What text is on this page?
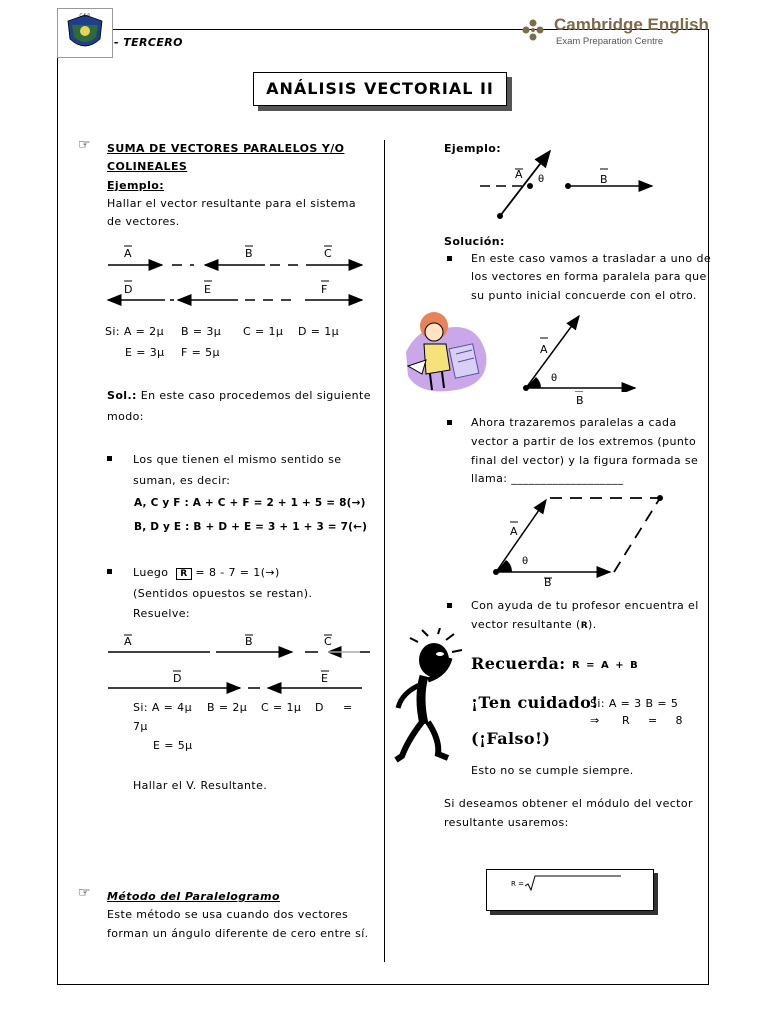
C.E.P.
- TERCERO
Cambridge English
Exam Preparation Centre
ANÁLISIS VECTORIAL II
☞ SUMA DE VECTORES PARALELOS Y/O
COLINEALES
Ejemplo:
Hallar el vector resultante para el sistema
de vectores.
A	B	C
D	E	F
Si: A = 2µ B = 3µ C = 1µ D = 1µ
E = 3µ F = 5µ
Sol.: En este caso procedemos del siguiente
modo:
Los que tienen el mismo sentido se
suman, es decir:
A, C y F : A + C + F = 2 + 1 + 5 = 8(→)
B, D y E : B + D + E = 3 + 1 + 3 = 7(←)
Luego R = 8 - 7 = 1(→)
(Sentidos opuestos se restan).
Resuelve:
A	B	C
D	E
Si: A = 4µ B = 2µ C = 1µ D =
7µ
E = 5µ
Hallar el V. Resultante.
☞ Método del Paralelogramo
Este método se usa cuando dos vectores
forman un ángulo diferente de cero entre sí.
Ejemplo:
A θ	B
Solución:
En este caso vamos a trasladar a uno de
los vectores en forma paralela para que
su punto inicial concuerde con el otro.
A
θ
B
Ahora trazaremos paralelas a cada
vector a partir de los extremos (punto
final del vector) y la figura formada se
llama: ___________________
A
θ
B
Con ayuda de tu profesor encuentra el
vector resultante (R).
Recuerda: R = A + B
¡Ten cuidado!
Si: A = 3 B = 5
⇒ R = 8
(¡Falso!)
Esto no se cumple siempre.
Si deseamos obtener el módulo del vector
resultante usaremos:
R =
